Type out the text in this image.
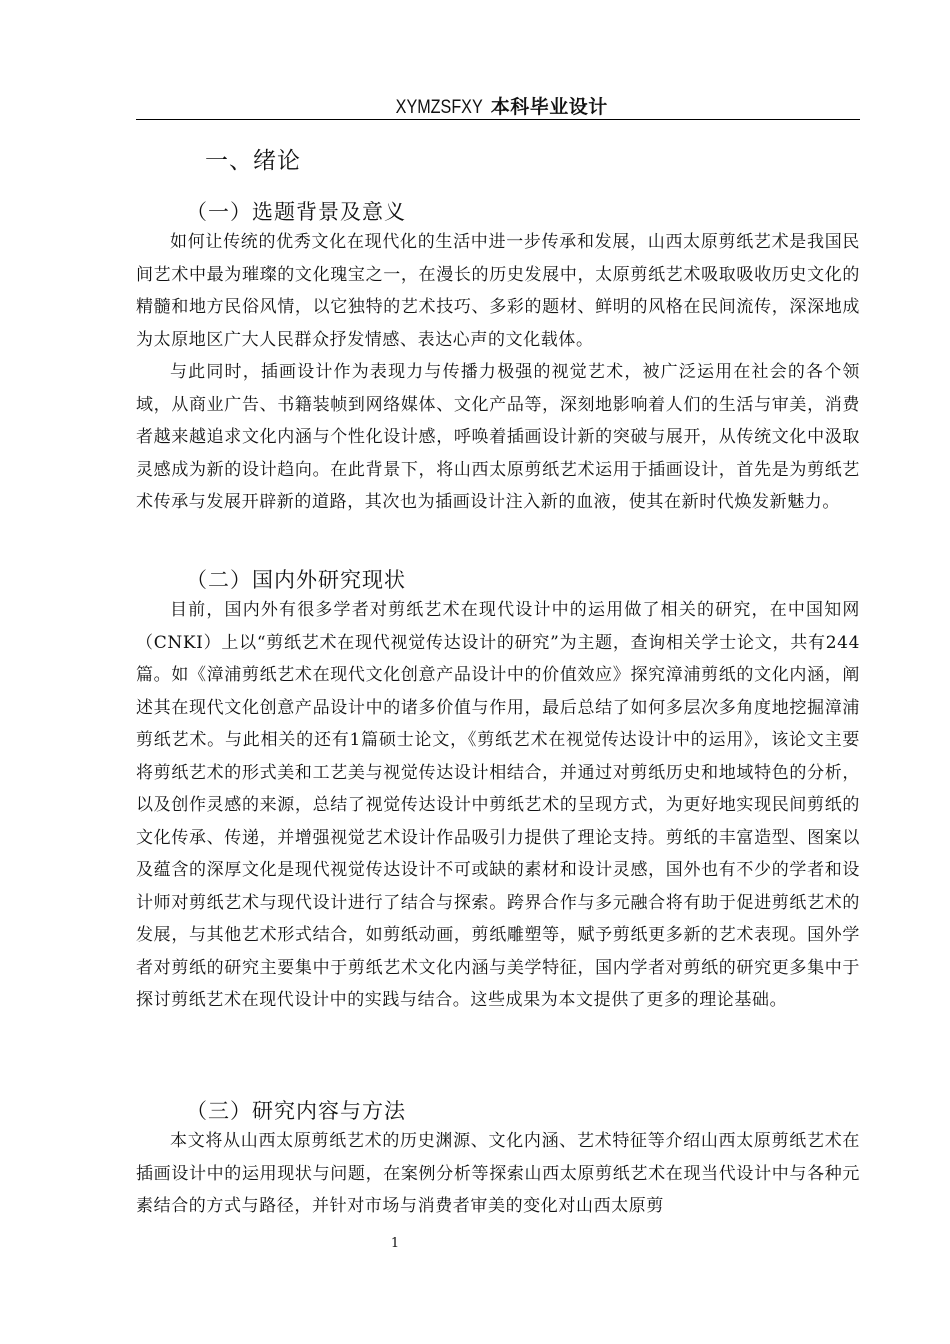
XYMZSFXY 本科毕业设计
一、绪论
（一）选题背景及意义

如何让传统的优秀文化在现代化的生活中进一步传承和发展，山西太原剪纸艺术是我国民间艺术中最为璀璨的文化瑰宝之一，在漫长的历史发展中，太原剪纸艺术吸取吸收历史文化的精髓和地方民俗风情，以它独特的艺术技巧、多彩的题材、鲜明的风格在民间流传，深深地成为太原地区广大人民群众抒发情感、表达心声的文化载体。

与此同时，插画设计作为表现力与传播力极强的视觉艺术，被广泛运用在社会的各个领域，从商业广告、书籍装帧到网络媒体、文化产品等，深刻地影响着人们的生活与审美，消费者越来越追求文化内涵与个性化设计感，呼唤着插画设计新的突破与展开，从传统文化中汲取灵感成为新的设计趋向。在此背景下，将山西太原剪纸艺术运用于插画设计，首先是为剪纸艺术传承与发展开辟新的道路，其次也为插画设计注入新的血液，使其在新时代焕发新魅力。

（二）国内外研究现状

目前，国内外有很多学者对剪纸艺术在现代设计中的运用做了相关的研究，在中国知网（CNKI）上以“剪纸艺术在现代视觉传达设计的研究”为主题，查询相关学士论文，共有244篇。如《漳浦剪纸艺术在现代文化创意产品设计中的价值效应》探究漳浦剪纸的文化内涵，阐述其在现代文化创意产品设计中的诸多价值与作用，最后总结了如何多层次多角度地挖掘漳浦剪纸艺术。与此相关的还有1篇硕士论文，《剪纸艺术在视觉传达设计中的运用》，该论文主要将剪纸艺术的形式美和工艺美与视觉传达设计相结合，并通过对剪纸历史和地域特色的分析，以及创作灵感的来源，总结了视觉传达设计中剪纸艺术的呈现方式，为更好地实现民间剪纸的文化传承、传递，并增强视觉艺术设计作品吸引力提供了理论支持。剪纸的丰富造型、图案以及蕴含的深厚文化是现代视觉传达设计不可或缺的素材和设计灵感，国外也有不少的学者和设计师对剪纸艺术与现代设计进行了结合与探索。跨界合作与多元融合将有助于促进剪纸艺术的发展，与其他艺术形式结合，如剪纸动画，剪纸雕塑等，赋予剪纸更多新的艺术表现。国外学者对剪纸的研究主要集中于剪纸艺术文化内涵与美学特征，国内学者对剪纸的研究更多集中于探讨剪纸艺术在现代设计中的实践与结合。这些成果为本文提供了更多的理论基础。

（三）研究内容与方法

本文将从山西太原剪纸艺术的历史渊源、文化内涵、艺术特征等介绍山西太原剪纸艺术在插画设计中的运用现状与问题，在案例分析等探索山西太原剪纸艺术在现当代设计中与各种元素结合的方式与路径，并针对市场与消费者审美的变化对山西太原剪

1
